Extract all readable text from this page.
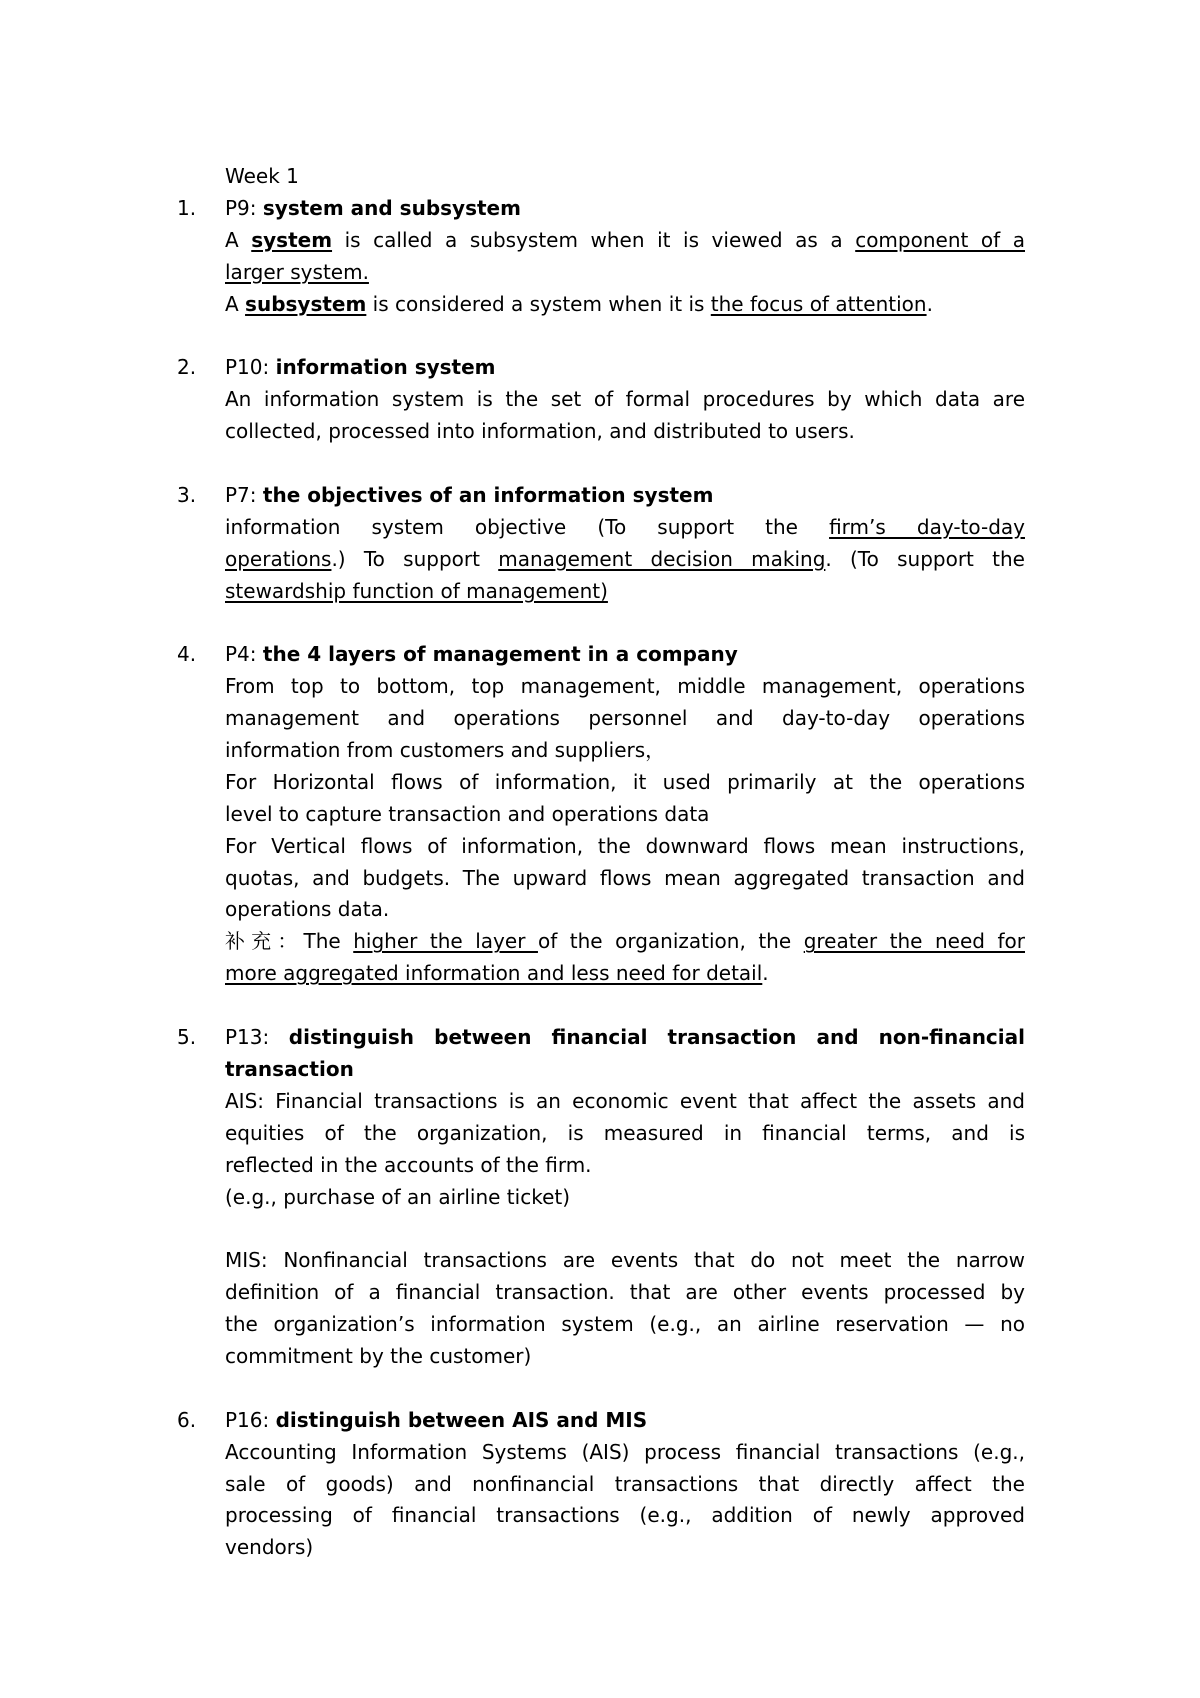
Week 1
1. P9: system and subsystem
A system is called a subsystem when it is viewed as a component of a
larger system.
A subsystem is considered a system when it is the focus of attention.
2. P10: information system
An information system is the set of formal procedures by which data are
collected, processed into information, and distributed to users.
3. P7: the objectives of an information system
information system objective (To support the firm’s day-to-day
operations.) To support management decision making. (To support the
stewardship function of management)
4. P4: the 4 layers of management in a company
From top to bottom, top management, middle management, operations
management and operations personnel and day-to-day operations
information from customers and suppliers，
For Horizontal flows of information, it used primarily at the operations
level to capture transaction and operations data
For Vertical flows of information, the downward flows mean instructions,
quotas, and budgets. The upward flows mean aggregated transaction and
operations data.
补充：The higher the layer of the organization, the greater the need for
more aggregated information and less need for detail.
5. P13: distinguish between financial transaction and non-financial
transaction
AIS: Financial transactions is an economic event that affect the assets and
equities of the organization, is measured in financial terms, and is
reflected in the accounts of the firm.
(e.g., purchase of an airline ticket)
MIS: Nonfinancial transactions are events that do not meet the narrow
definition of a financial transaction. that are other events processed by
the organization’s information system (e.g., an airline reservation — no
commitment by the customer)
6. P16: distinguish between AIS and MIS
Accounting Information Systems (AIS) process financial transactions (e.g.,
sale of goods) and nonfinancial transactions that directly affect the
processing of financial transactions (e.g., addition of newly approved
vendors)
